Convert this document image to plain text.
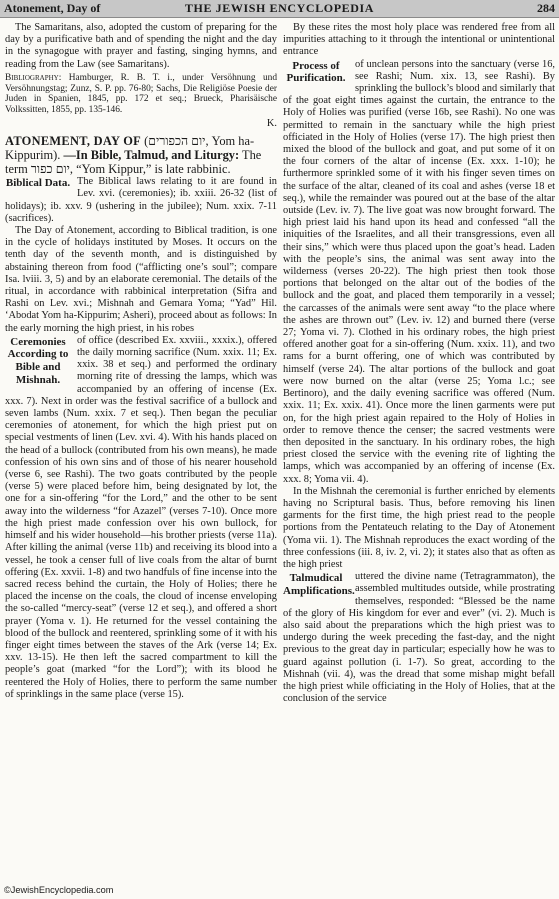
Atonement, Day of	THE JEWISH ENCYCLOPEDIA	284

The Samaritans, also, adopted the custom of preparing for the day by a purificative bath and of spending the night and the day in the synagogue with prayer and fasting, singing hymns, and reading from the Law (see Samaritans).

Bibliography: Hamburger, R. B. T. i., under Versöhnung und Versöhnungstag; Zunz, S. P. pp. 76-80; Sachs, Die Religiöse Poesie der Juden in Spanien, 1845, pp. 172 et seq.; Brueck, Pharisäische Volkssitten, 1855, pp. 135-146.

K.

ATONEMENT, DAY OF (יום הכפורים, Yom ha-Kippurim). —In Bible, Talmud, and Liturgy: The term יום כפור, “Yom Kippur,” is late rabbinic.

Biblical Data. The Biblical laws relating to it are found in Lev. xvi. (ceremonies); ib. xxiii. 26-32 (list of holidays); ib. xxv. 9 (ushering in the jubilee); Num. xxix. 7-11 (sacrifices).

The Day of Atonement, according to Biblical tradition, is one in the cycle of holidays instituted by Moses. It occurs on the tenth day of the seventh month, and is distinguished by abstaining thereon from food (“afflicting one’s soul”; compare Isa. lviii. 3, 5) and by an elaborate ceremonial. The details of the ritual, in accordance with rabbinical interpretation (Sifra and Rashi on Lev. xvi.; Mishnah and Gemara Yoma; “Yad” Hil. ‘Abodat Yom ha-Kippurim; Asheri), proceed about as follows: In the early morning the high priest, in his robes

Ceremonies According to Bible and Mishnah.
of office (described Ex. xxviii., xxxix.), offered the daily morning sacrifice (Num. xxix. 11; Ex. xxix. 38 et seq.) and performed the ordinary morning rite of dressing the lamps, which was accompanied by an offering of incense (Ex. xxx. 7). Next in order was the festival sacrifice of a bullock and seven lambs (Num. xxix. 7 et seq.). Then began the peculiar ceremonies of atonement, for which the high priest put on special vestments of linen (Lev. xvi. 4). With his hands placed on the head of a bullock (contributed from his own means), he made confession of his own sins and of those of his nearer household (verse 6, see Rashi). The two goats contributed by the people (verse 5) were placed before him, being designated by lot, the one for a sin-offering “for the Lord,” and the other to be sent away into the wilderness “for Azazel” (verses 7-10). Once more the high priest made confession over his own bullock, for himself and his wider household—his brother priests (verse 11a). After killing the animal (verse 11b) and receiving its blood into a vessel, he took a censer full of live coals from the altar of burnt offering (Ex. xxvii. 1-8) and two handfuls of fine incense into the sacred recess behind the curtain, the Holy of Holies; there he placed the incense on the coals, the cloud of incense enveloping the so-called “mercy-seat” (verse 12 et seq.), and offered a short prayer (Yoma v. 1). He returned for the vessel containing the blood of the bullock and reentered, sprinkling some of it with his finger eight times between the staves of the Ark (verse 14; Ex. xxv. 13-15). He then left the sacred compartment to kill the people’s goat (marked “for the Lord”); with its blood he reentered the Holy of Holies, there to perform the same number of sprinklings in the same place (verse 15).

By these rites the most holy place was rendered free from all impurities attaching to it through the intentional or unintentional entrance

Process of Purification.
of unclean persons into the sanctuary (verse 16, see Rashi; Num. xix. 13, see Rashi). By sprinkling the bullock’s blood and similarly that of the goat eight times against the curtain, the entrance to the Holy of Holies was purified (verse 16b, see Rashi). No one was permitted to remain in the sanctuary while the high priest officiated in the Holy of Holies (verse 17). The high priest then mixed the blood of the bullock and goat, and put some of it on the four corners of the altar of incense (Ex. xxx. 1-10); he furthermore sprinkled some of it with his finger seven times on the surface of the altar, cleaned of its coal and ashes (verse 18 et seq.), while the remainder was poured out at the base of the altar outside (Lev. iv. 7). The live goat was now brought forward. The high priest laid his hand upon its head and confessed “all the iniquities of the Israelites, and all their transgressions, even all their sins,” which were thus placed upon the goat’s head. Laden with the people’s sins, the animal was sent away into the wilderness (verses 20-22). The high priest then took those portions that belonged on the altar out of the bodies of the bullock and the goat, and placed them temporarily in a vessel; the carcasses of the animals were sent away “to the place where the ashes are thrown out” (Lev. iv. 12) and burned there (verse 27; Yoma vi. 7). Clothed in his ordinary robes, the high priest offered another goat for a sin-offering (Num. xxix. 11), and two rams for a burnt offering, one of which was contributed by himself (verse 24). The altar portions of the bullock and goat were now burned on the altar (verse 25; Yoma l.c.; see Bertinoro), and the daily evening sacrifice was offered (Num. xxix. 11; Ex. xxix. 41). Once more the linen garments were put on, for the high priest again repaired to the Holy of Holies in order to remove thence the censer; the sacred vestments were then deposited in the sanctuary. In his ordinary robes, the high priest closed the service with the evening rite of lighting the lamps, which was accompanied by an offering of incense (Ex. xxx. 8; Yoma vii. 4).

In the Mishnah the ceremonial is further enriched by elements having no Scriptural basis. Thus, before removing his linen garments for the first time, the high priest read to the people portions from the Pentateuch relating to the Day of Atonement (Yoma vii. 1). The Mishnah reproduces the exact wording of the three confessions (iii. 8, iv. 2, vi. 2); it states also that as often as the high priest

Talmudical Amplifications.
uttered the divine name (Tetragrammaton), the assembled multitudes outside, while prostrating themselves, responded: “Blessed be the name of the glory of His kingdom for ever and ever” (vi. 2). Much is also said about the preparations which the high priest was to undergo during the week preceding the fast-day, and the night previous to the great day in particular; especially how he was to guard against pollution (i. 1-7). So great, according to the Mishnah (vii. 4), was the dread that some mishap might befall the high priest while officiating in the Holy of Holies, that at the conclusion of the service

©JewishEncyclopedia.com
